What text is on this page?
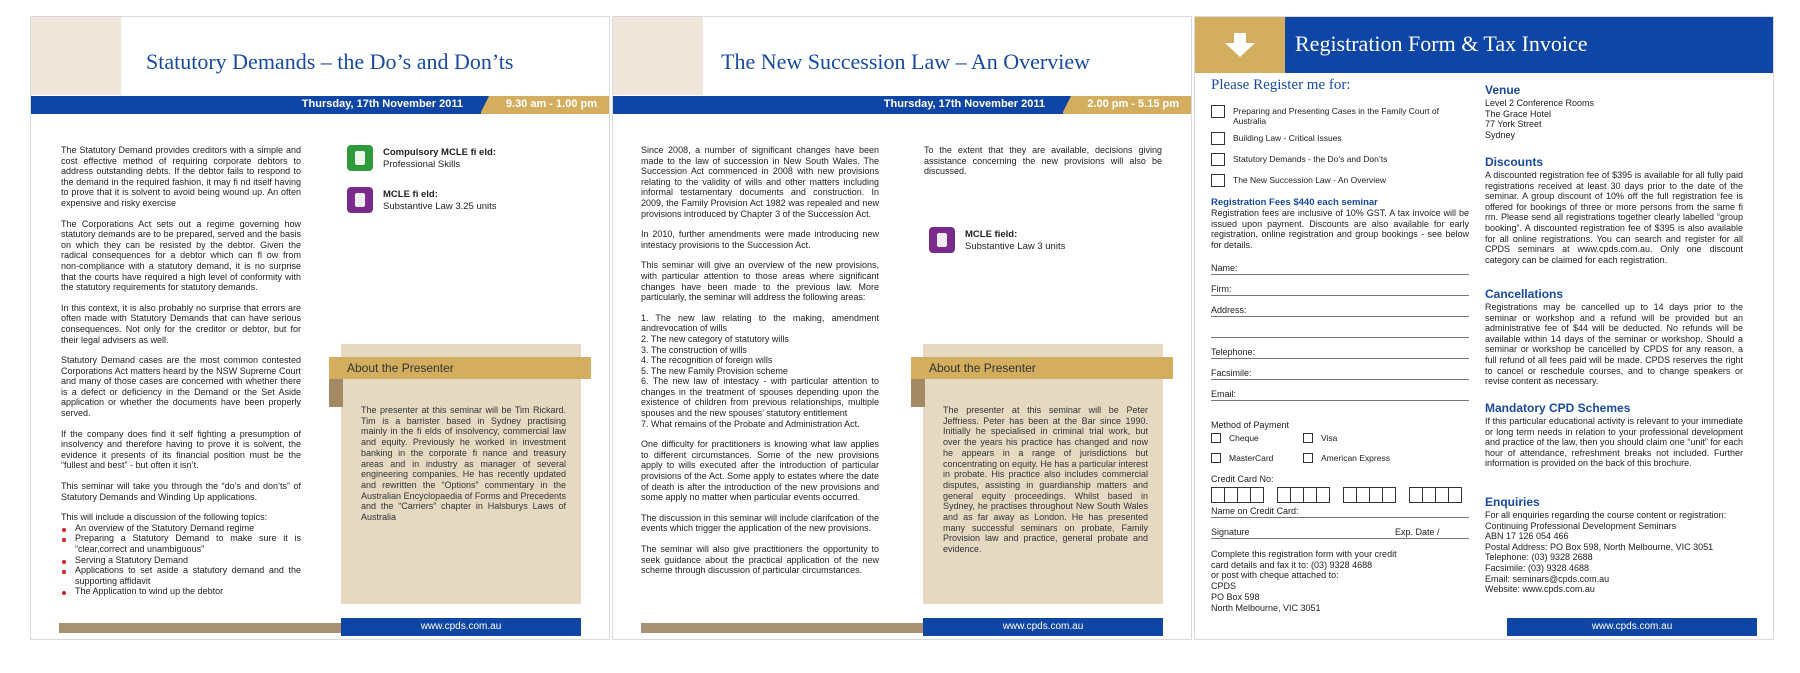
Statutory Demands – the Do’s and Don’ts
Thursday, 17th November 2011	9.30 am - 1.00 pm

The Statutory Demand provides creditors with a simple and cost effective method of requiring corporate debtors to address outstanding debts. If the debtor fails to respond to the demand in the required fashion, it may fi nd itself having to prove that it is solvent to avoid being wound up. An often expensive and risky exercise

The Corporations Act sets out a regime governing how statutory demands are to be prepared, served and the basis on which they can be resisted by the debtor. Given the radical consequences for a debtor which can fl ow from non-compliance with a statutory demand, it is no surprise that the courts have required a high level of conformity with the statutory requirements for statutory demands.

In this context, it is also probably no surprise that errors are often made with Statutory Demands that can have serious consequences. Not only for the creditor or debtor, but for their legal advisers as well.

Statutory Demand cases are the most common contested Corporations Act matters heard by the NSW Supreme Court and many of those cases are concerned with whether there is a defect or deficiency in the Demand or the Set Aside application or whether the documents have been properly served.

If the company does find it self fighting a presumption of insolvency and therefore having to prove it is solvent, the evidence it presents of its financial position must be the “fullest and best” - but often it isn’t.

This seminar will take you through the “do’s and don’ts” of Statutory Demands and Winding Up applications.

This will include a discussion of the following topics:
An overview of the Statutory Demand regime
Preparing a Statutory Demand to make sure it is “clear,correct and unambiguous”
Serving a Statutory Demand
Applications to set aside a statutory demand and the supporting affidavit
The Application to wind up the debtor
Compulsory MCLE fi eld:
Professional Skills
MCLE fi eld:
Substantive Law 3.25 units
About the Presenter
The presenter at this seminar will be Tim Rickard. Tim is a barrister based in Sydney practising mainly in the fi elds of insolvency, commercial law and equity. Previously he worked in investment banking in the corporate fi nance and treasury areas and in industry as manager of several engineering companies. He has recently updated and rewritten the “Options” commentary in the Australian Encyclopaedia of Forms and Precedents and the “Carriers” chapter in Halsburys Laws of Australia
www.cpds.com.au
The New Succession Law – An Overview
Thursday, 17th November 2011	2.00 pm - 5.15 pm

Since 2008, a number of significant changes have been made to the law of succession in New South Wales. The Succession Act commenced in 2008 with new provisions relating to the validity of wills and other matters including informal testamentary documents and construction. In 2009, the Family Provision Act 1982 was repealed and new provisions introduced by Chapter 3 of the Succession Act.

In 2010, further amendments were made introducing new intestacy provisions to the Succession Act.

This seminar will give an overview of the new provisions, with particular attention to those areas where significant changes have been made to the previous law. More particularly, the seminar will address the following areas:

1. The new law relating to the making, amendment andrevocation of wills
2. The new category of statutory wills
3. The construction of wills
4. The recognition of foreign wills
5. The new Family Provision scheme
6. The new law of intestacy - with particular attention to changes in the treatment of spouses depending upon the existence of children from previous relationships, multiple spouses and the new spouses’ statutory entitlement
7. What remains of the Probate and Administration Act.

One difficulty for practitioners is knowing what law applies to different circumstances. Some of the new provisions apply to wills executed after the introduction of particular provisions of the Act. Some apply to estates where the date of death is after the introduction of the new provisions and some apply no matter when particular events occurred.

The discussion in this seminar will include clarifcation of the events which trigger the application of the new provisions.

The seminar will also give practitioners the opportunity to seek guidance about the practical application of the new scheme through discussion of particular circumstances.

To the extent that they are available, decisions giving assistance concerning the new provisions will also be discussed.
MCLE field:
Substantive Law 3 units
About the Presenter
The presenter at this seminar will be Peter Jeffriess. Peter has been at the Bar since 1990. Initially he specialised in criminal trial work, but over the years his practice has changed and now he appears in a range of jurisdictions but concentrating on equity. He has a particular interest in probate. His practice also includes commercial disputes, assisting in guardianship matters and general equity proceedings. Whilst based in Sydney, he practises throughout New South Wales and as far away as London. He has presented many successful seminars on probate, Family Provision law and practice, general probate and evidence.
www.cpds.com.au
Registration Form & Tax Invoice
Please Register me for:
Preparing and Presenting Cases in the Family Court of Australia
Building Law - Critical Issues
Statutory Demands - the Do’s and Don’ts
The New Succession Law - An Overview
Registration Fees $440 each seminar
Registration fees are inclusive of 10% GST. A tax invoice will be issued upon payment. Discounts are also available for early registration, online registration and group bookings - see below for details.
Name:
Firm:
Address:
Telephone:
Facsimile:
Email:
Method of Payment
Cheque	Visa
MasterCard	American Express
Credit Card No:
Name on Credit Card:
Signature	Exp. Date /
Complete this registration form with your credit card details and fax it to: (03) 9328 4688
or post with cheque attached to:
CPDS
PO Box 598
North Melbourne, VIC 3051
Venue
Level 2 Conference Rooms
The Grace Hotel
77 York Street
Sydney
Discounts
A discounted registration fee of $395 is available for all fully paid registrations received at least 30 days prior to the date of the seminar. A group discount of 10% off the full registration fee is offered for bookings of three or more persons from the same fi rm. Please send all registrations together clearly labelled “group booking”. A discounted registration fee of $395 is also available for all online registrations. You can search and register for all CPDS seminars at www.cpds.com.au. Only one discount category can be claimed for each registration.
Cancellations
Registrations may be cancelled up to 14 days prior to the seminar or workshop and a refund will be provided but an administrative fee of $44 will be deducted. No refunds will be available within 14 days of the seminar or workshop. Should a seminar or workshop be cancelled by CPDS for any reason, a full refund of all fees paid will be made. CPDS reserves the right to cancel or reschedule courses, and to change speakers or revise content as necessary.
Mandatory CPD Schemes
If this particular educational activity is relevant to your immediate or long term needs in relation to your professional development and practice of the law, then you should claim one “unit” for each hour of attendance, refreshment breaks not included. Further information is provided on the back of this brochure.
Enquiries
For all enquiries regarding the course content or registration:
Continuing Professional Development Seminars
ABN 17 126 054 466
Postal Address: PO Box 598, North Melbourne, VIC 3051
Telephone: (03) 9328 2688
Facsimile: (03) 9328 4688
Email: seminars@cpds.com.au
Website: www.cpds.com.au
www.cpds.com.au
